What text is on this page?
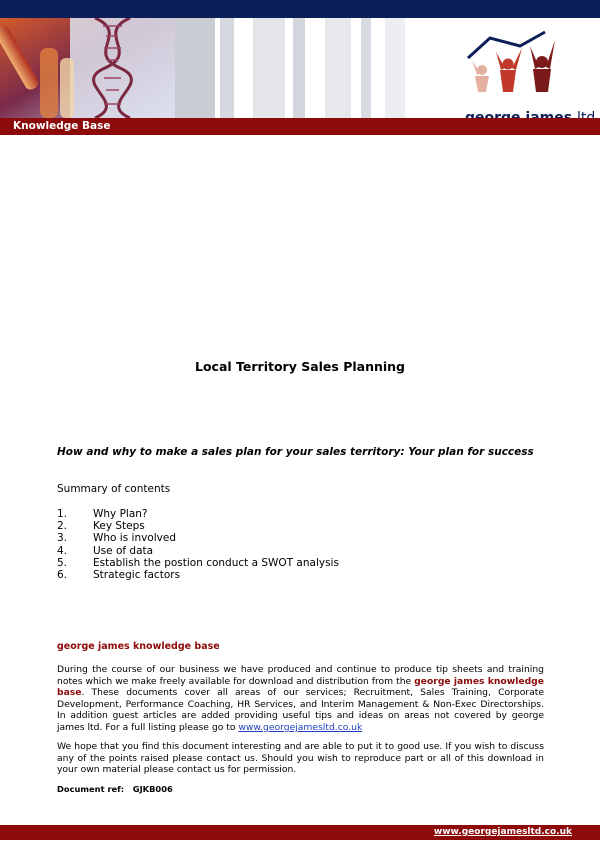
Knowledge Base
Local Territory Sales Planning
How and why to make a sales plan for your sales territory: Your plan for success
Summary of contents
1. Why Plan?
2. Key Steps
3. Who is involved
4. Use of data
5. Establish the postion conduct a SWOT analysis
6. Strategic factors
george james knowledge base
During the course of our business we have produced and continue to produce tip sheets and training notes which we make freely available for download and distribution from the george james knowledge base. These documents cover all areas of our services; Recruitment, Sales Training, Corporate Development, Performance Coaching, HR Services, and Interim Management & Non-Exec Directorships. In addition guest articles are added providing useful tips and ideas on areas not covered by george james ltd. For a full listing please go to www.georgejamesltd.co.uk
We hope that you find this document interesting and are able to put it to good use. If you wish to discuss any of the points raised please contact us. Should you wish to reproduce part or all of this download in your own material please contact us for permission.
Document ref: GJKB006
www.georgejamesltd.co.uk
